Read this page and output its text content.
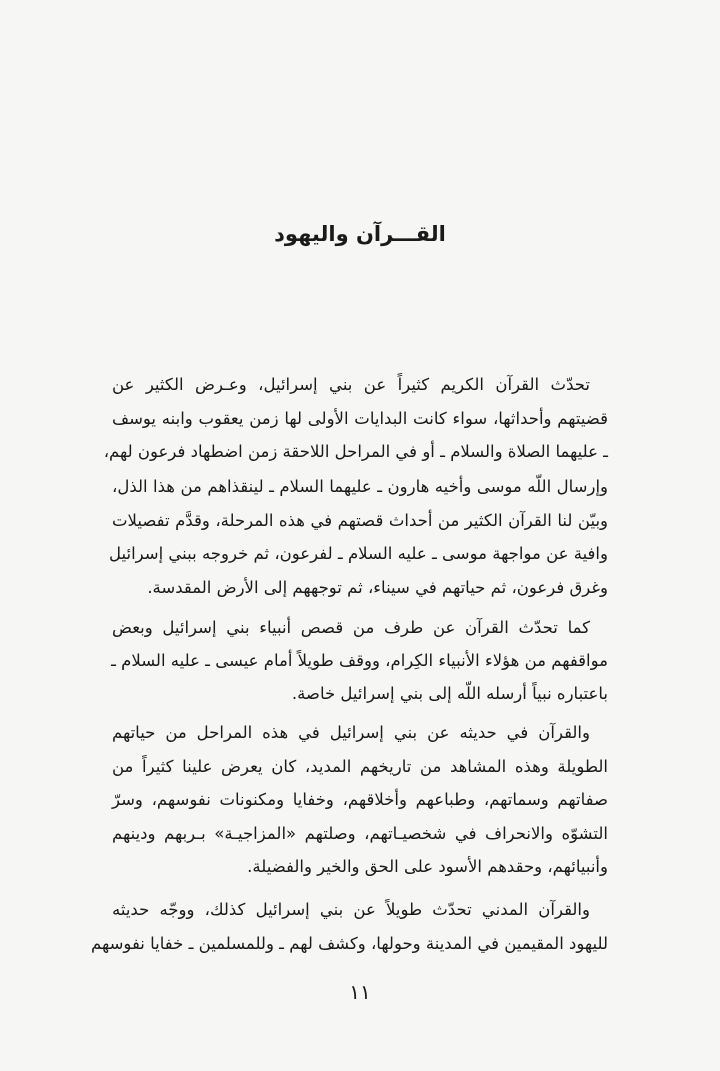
القـــرآن واليهود
تحدّث القرآن الكريم كثيراً عن بني إسرائيل، وعـرض الكثير عن
قضيتهم وأحداثها، سواء كانت البدايات الأولى لها زمن يعقوب وابنه يوسف
ـ عليهما الصلاة والسلام ـ أو في المراحل اللاحقة زمن اضطهاد فرعون لهم،
وإرسال اللّه موسى وأخيه هارون ـ عليهما السلام ـ لينقذاهم من هذا الذل،
وبيّن لنا القرآن الكثير من أحداث قصتهم في هذه المرحلة، وقدَّم تفصيلات
وافية عن مواجهة موسى ـ عليه السلام ـ لفرعون، ثم خروجه ببني إسرائيل
وغرق فرعون، ثم حياتهم في سيناء، ثم توجههم إلى الأرض المقدسة.
كما تحدّث القرآن عن طرف من قصص أنبياء بني إسرائيل وبعض
مواقفهم من هؤلاء الأنبياء الكِرام، ووقف طويلاً أمام عيسى ـ عليه السلام ـ
باعتباره نبياً أرسله اللّه إلى بني إسرائيل خاصة.
والقرآن في حديثه عن بني إسرائيل في هذه المراحل من حياتهم
الطويلة وهذه المشاهد من تاريخهم المديد، كان يعرض علينا كثيراً من
صفاتهم وسماتهم، وطباعهم وأخلاقهم، وخفايا ومكنونات نفوسهم، وسرّ
التشوّه والانحراف في شخصيـاتهم، وصلتهم «المزاجيـة» بـربهم ودينهم
وأنبيائهم، وحقدهم الأسود على الحق والخير والفضيلة.
والقرآن المدني تحدّث طويلاً عن بني إسرائيل كذلك، ووجّه حديثه
لليهود المقيمين في المدينة وحولها، وكشف لهم ـ وللمسلمين ـ خفايا نفوسهم
١١
